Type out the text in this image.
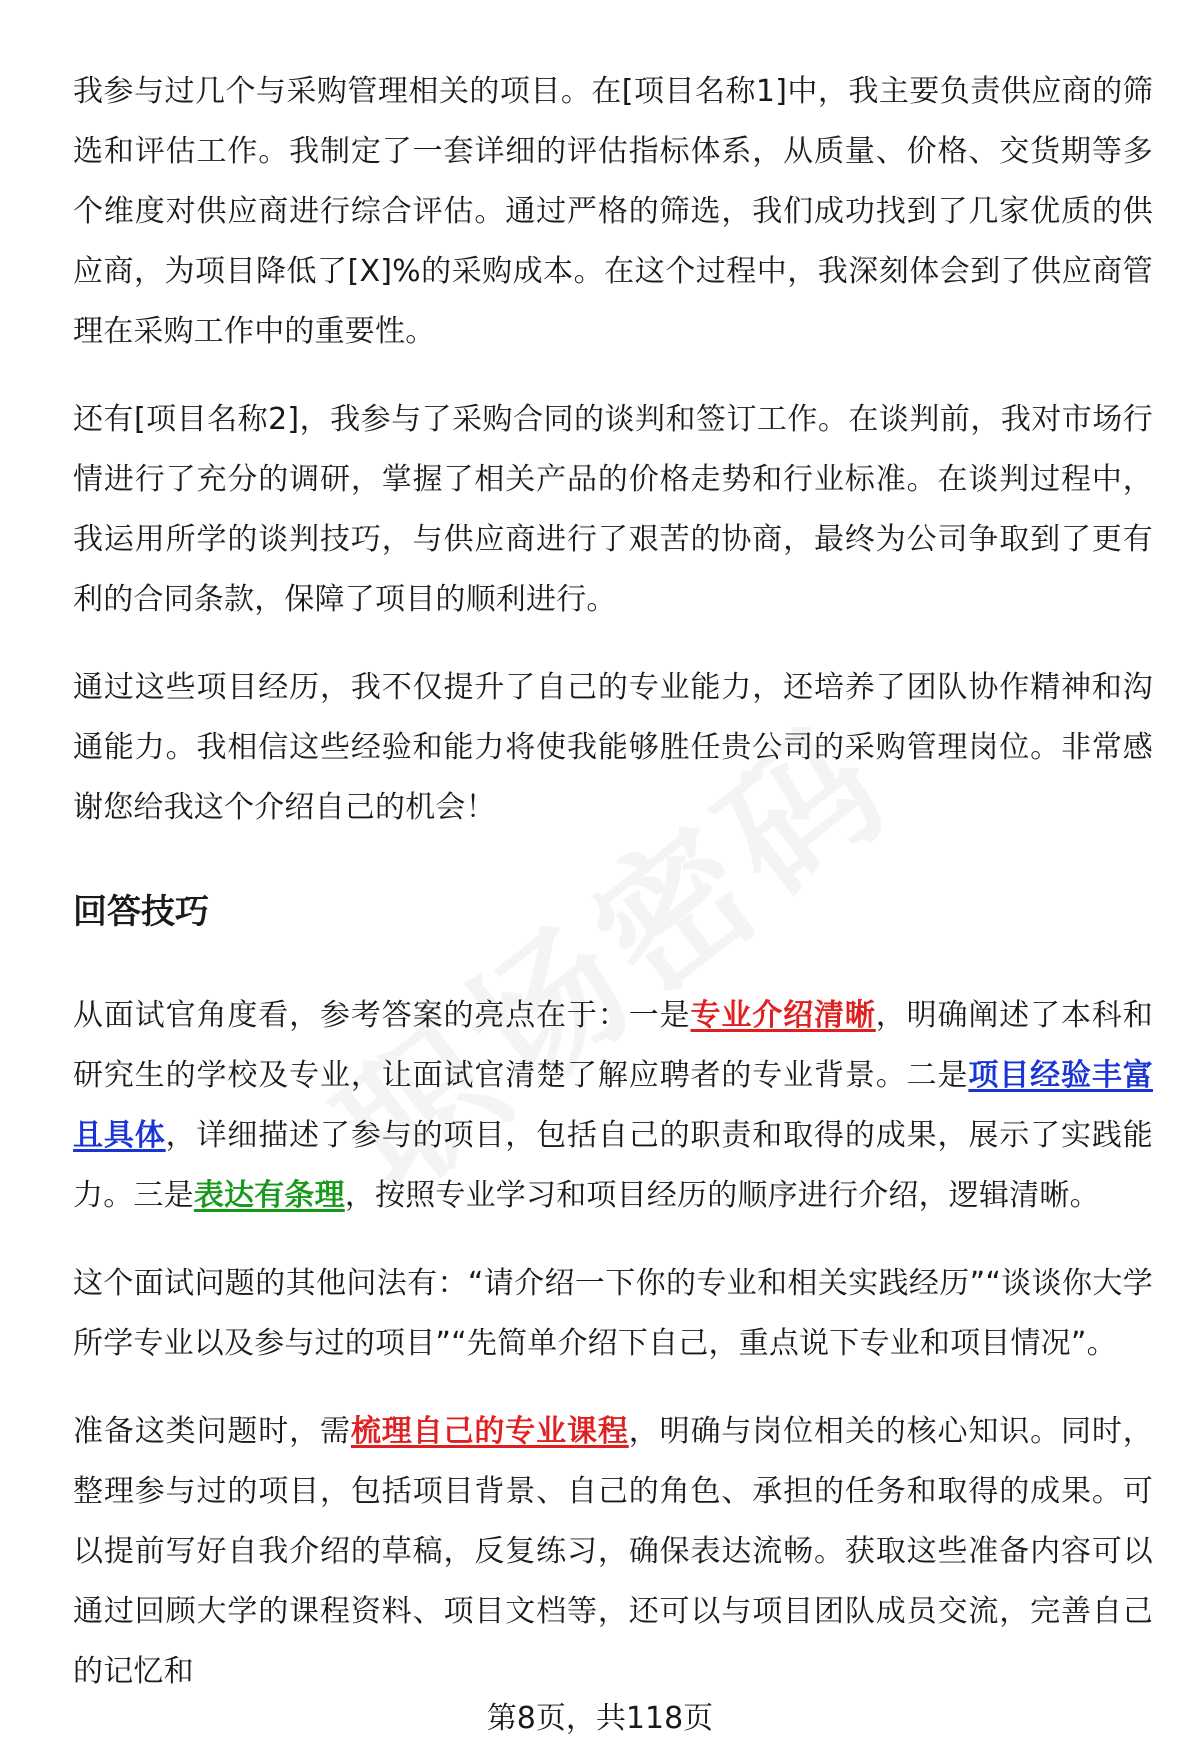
我参与过几个与采购管理相关的项目。在[项目名称1]中，我主要负责供应商的筛选和评估工作。我制定了一套详细的评估指标体系，从质量、价格、交货期等多个维度对供应商进行综合评估。通过严格的筛选，我们成功找到了几家优质的供应商，为项目降低了[X]%的采购成本。在这个过程中，我深刻体会到了供应商管理在采购工作中的重要性。

还有[项目名称2]，我参与了采购合同的谈判和签订工作。在谈判前，我对市场行情进行了充分的调研，掌握了相关产品的价格走势和行业标准。在谈判过程中，我运用所学的谈判技巧，与供应商进行了艰苦的协商，最终为公司争取到了更有利的合同条款，保障了项目的顺利进行。

通过这些项目经历，我不仅提升了自己的专业能力，还培养了团队协作精神和沟通能力。我相信这些经验和能力将使我能够胜任贵公司的采购管理岗位。非常感谢您给我这个介绍自己的机会！

回答技巧

从面试官角度看，参考答案的亮点在于：一是专业介绍清晰，明确阐述了本科和研究生的学校及专业，让面试官清楚了解应聘者的专业背景。二是项目经验丰富且具体，详细描述了参与的项目，包括自己的职责和取得的成果，展示了实践能力。三是表达有条理，按照专业学习和项目经历的顺序进行介绍，逻辑清晰。

这个面试问题的其他问法有：“请介绍一下你的专业和相关实践经历”“谈谈你大学所学专业以及参与过的项目”“先简单介绍下自己，重点说下专业和项目情况”。

准备这类问题时，需梳理自己的专业课程，明确与岗位相关的核心知识。同时，整理参与过的项目，包括项目背景、自己的角色、承担的任务和取得的成果。可以提前写好自我介绍的草稿，反复练习，确保表达流畅。获取这些准备内容可以通过回顾大学的课程资料、项目文档等，还可以与项目团队成员交流，完善自己的记忆和

第8页，共118页
